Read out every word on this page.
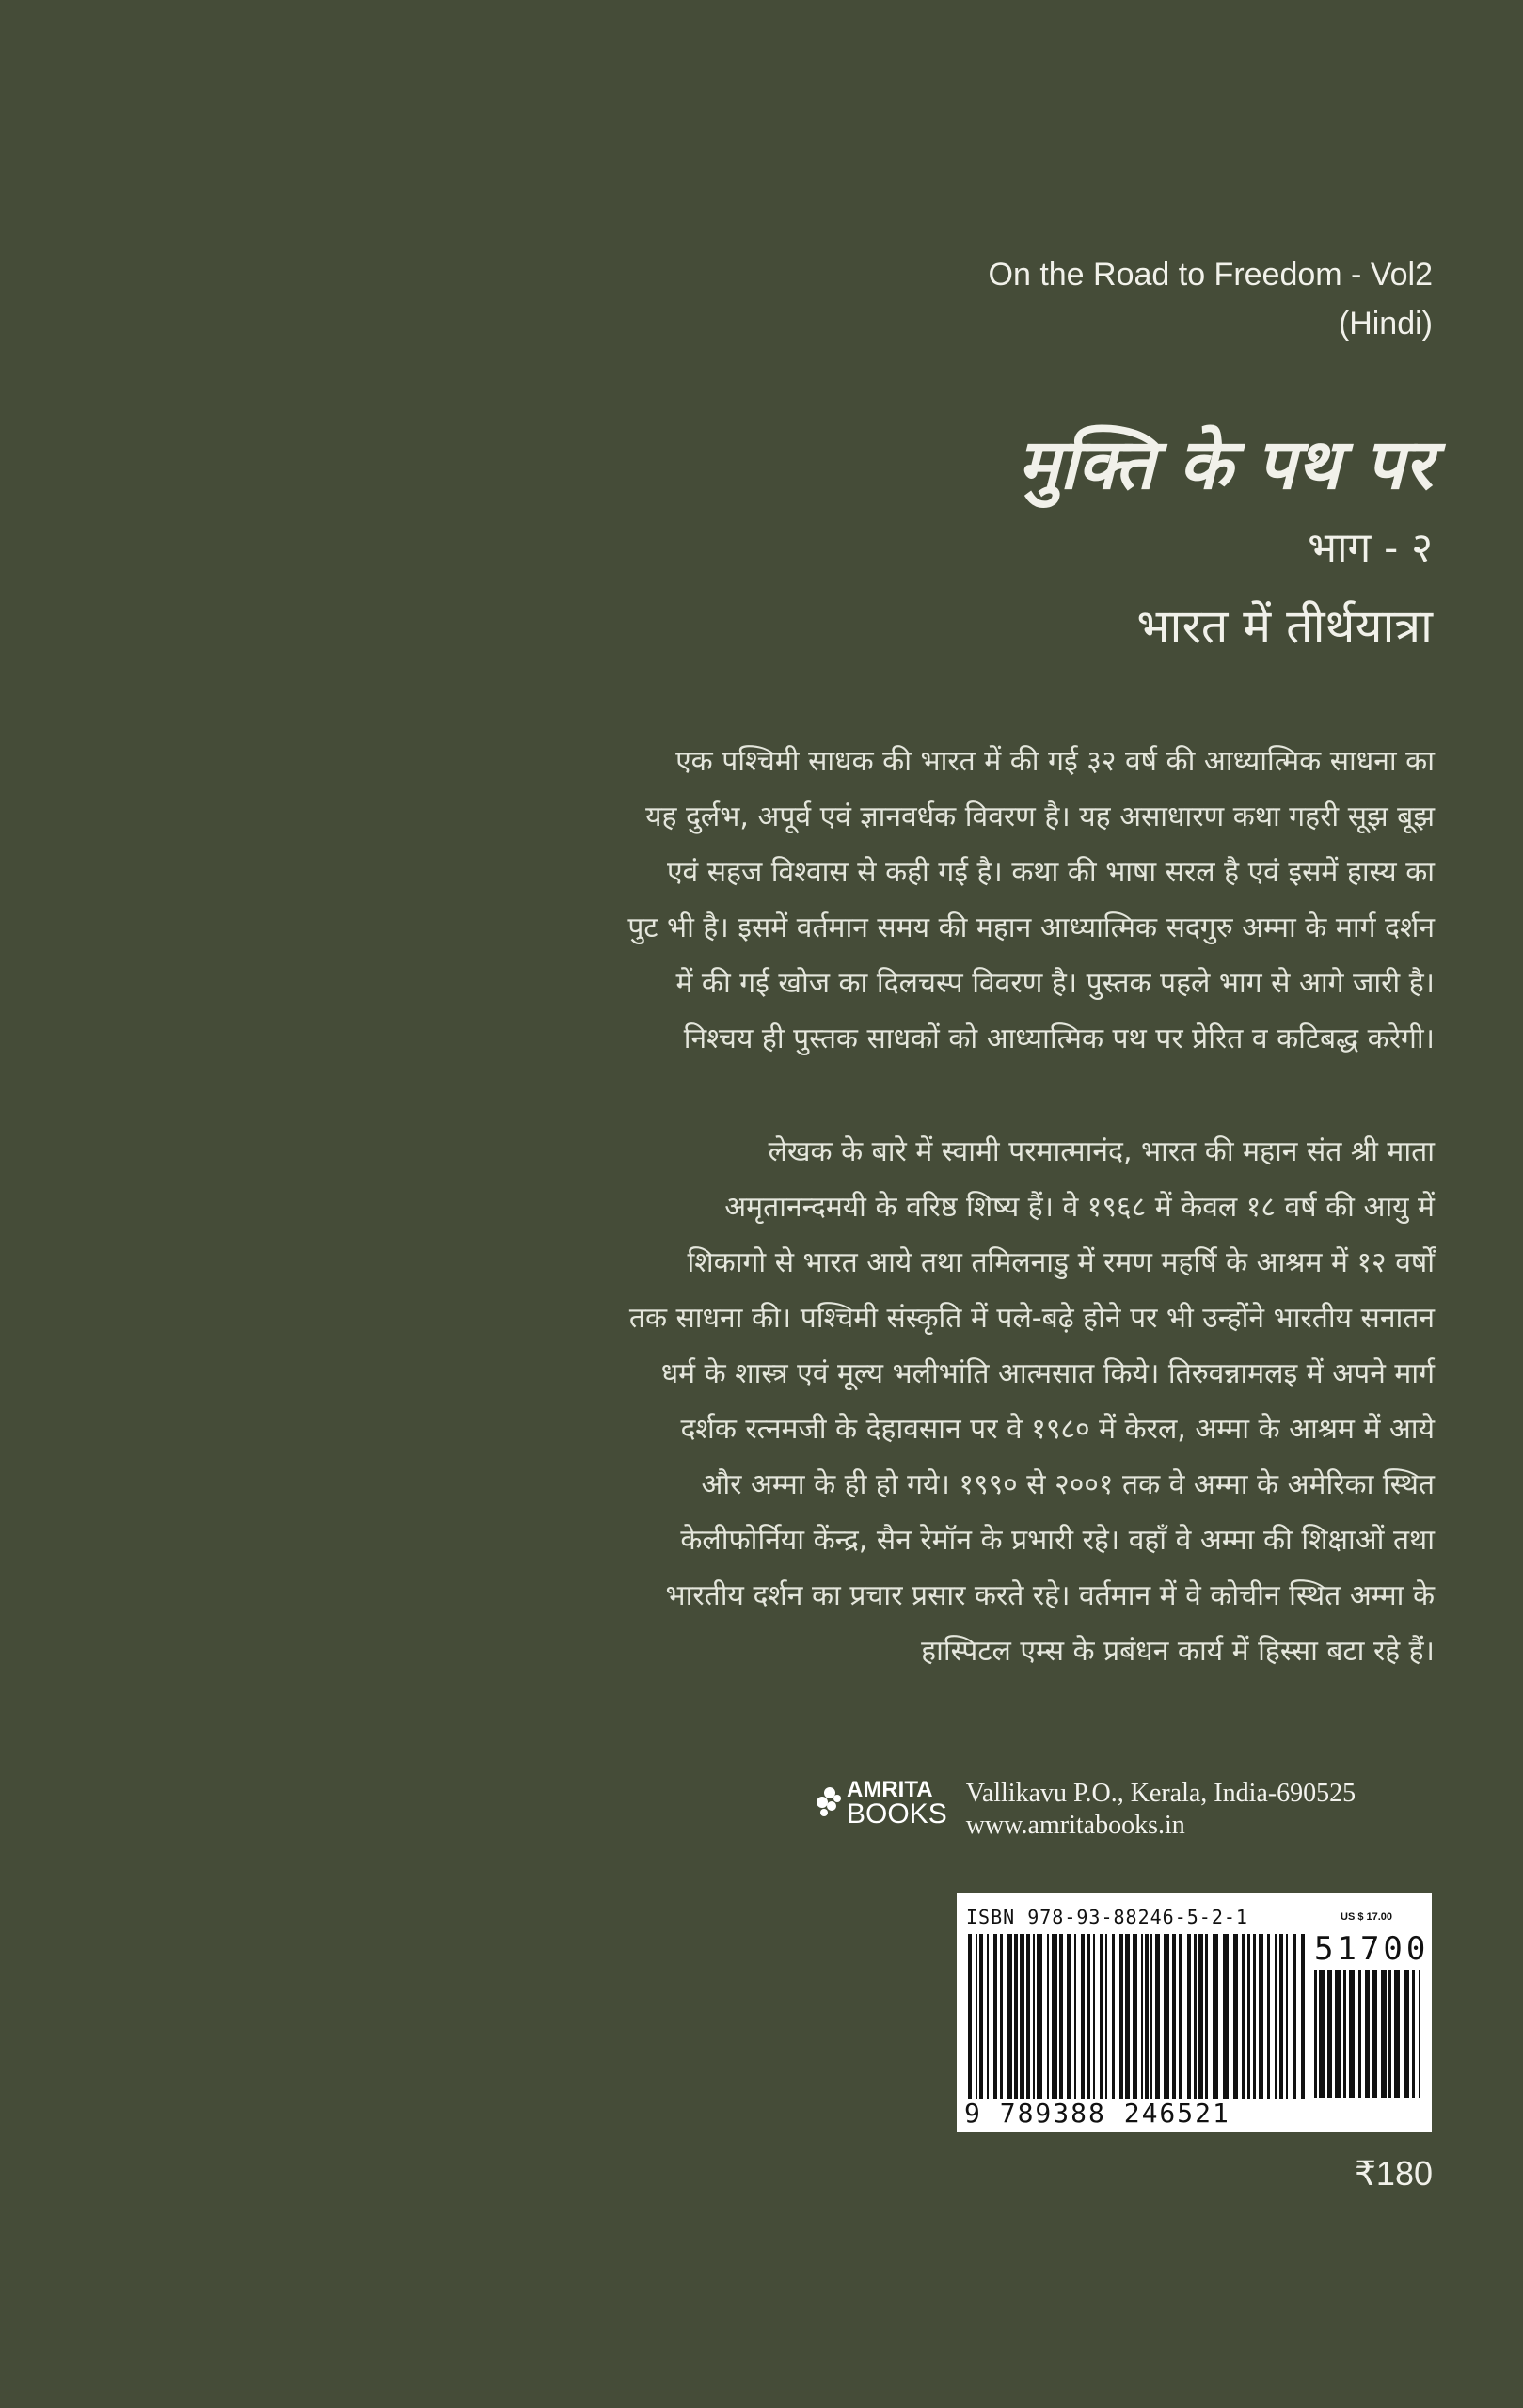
On the Road to Freedom - Vol2
(Hindi)
मुक्ति के पथ पर
भाग - २
भारत में तीर्थयात्रा
एक पश्चिमी साधक की भारत में की गई ३२ वर्ष की आध्यात्मिक साधना का
यह दुर्लभ, अपूर्व एवं ज्ञानवर्धक विवरण है। यह असाधारण कथा गहरी सूझ बूझ
एवं सहज विश्वास से कही गई है। कथा की भाषा सरल है एवं इसमें हास्य का
पुट भी है। इसमें वर्तमान समय की महान आध्यात्मिक सदगुरु अम्मा के मार्ग दर्शन
में की गई खोज का दिलचस्प विवरण है। पुस्तक पहले भाग से आगे जारी है।
निश्चय ही पुस्तक साधकों को आध्यात्मिक पथ पर प्रेरित व कटिबद्ध करेगी।
लेखक के बारे में स्वामी परमात्मानंद, भारत की महान संत श्री माता
अमृतानन्दमयी के वरिष्ठ शिष्य हैं। वे १९६८ में केवल १८ वर्ष की आयु में
शिकागो से भारत आये तथा तमिलनाडु में रमण महर्षि के आश्रम में १२ वर्षों
तक साधना की। पश्चिमी संस्कृति में पले-बढ़े होने पर भी उन्होंने भारतीय सनातन
धर्म के शास्त्र एवं मूल्य भलीभांति आत्मसात किये। तिरुवन्नामलइ में अपने मार्ग
दर्शक रत्नमजी के देहावसान पर वे १९८० में केरल, अम्मा के आश्रम में आये
और अम्मा के ही हो गये। १९९० से २००१ तक वे अम्मा के अमेरिका स्थित
केलीफोर्निया केंन्द्र, सैन रेमॉन के प्रभारी रहे। वहाँ वे अम्मा की शिक्षाओं तथा
भारतीय दर्शन का प्रचार प्रसार करते रहे। वर्तमान में वे कोचीन स्थित अम्मा के
हास्पिटल एम्स के प्रबंधन कार्य में हिस्सा बटा रहे हैं।
AMRITA
BOOKS
Vallikavu P.O., Kerala, India-690525
www.amritabooks.in
ISBN 978-93-88246-5-2-1	US $ 17.00
51700
9 789388 246521
₹180
